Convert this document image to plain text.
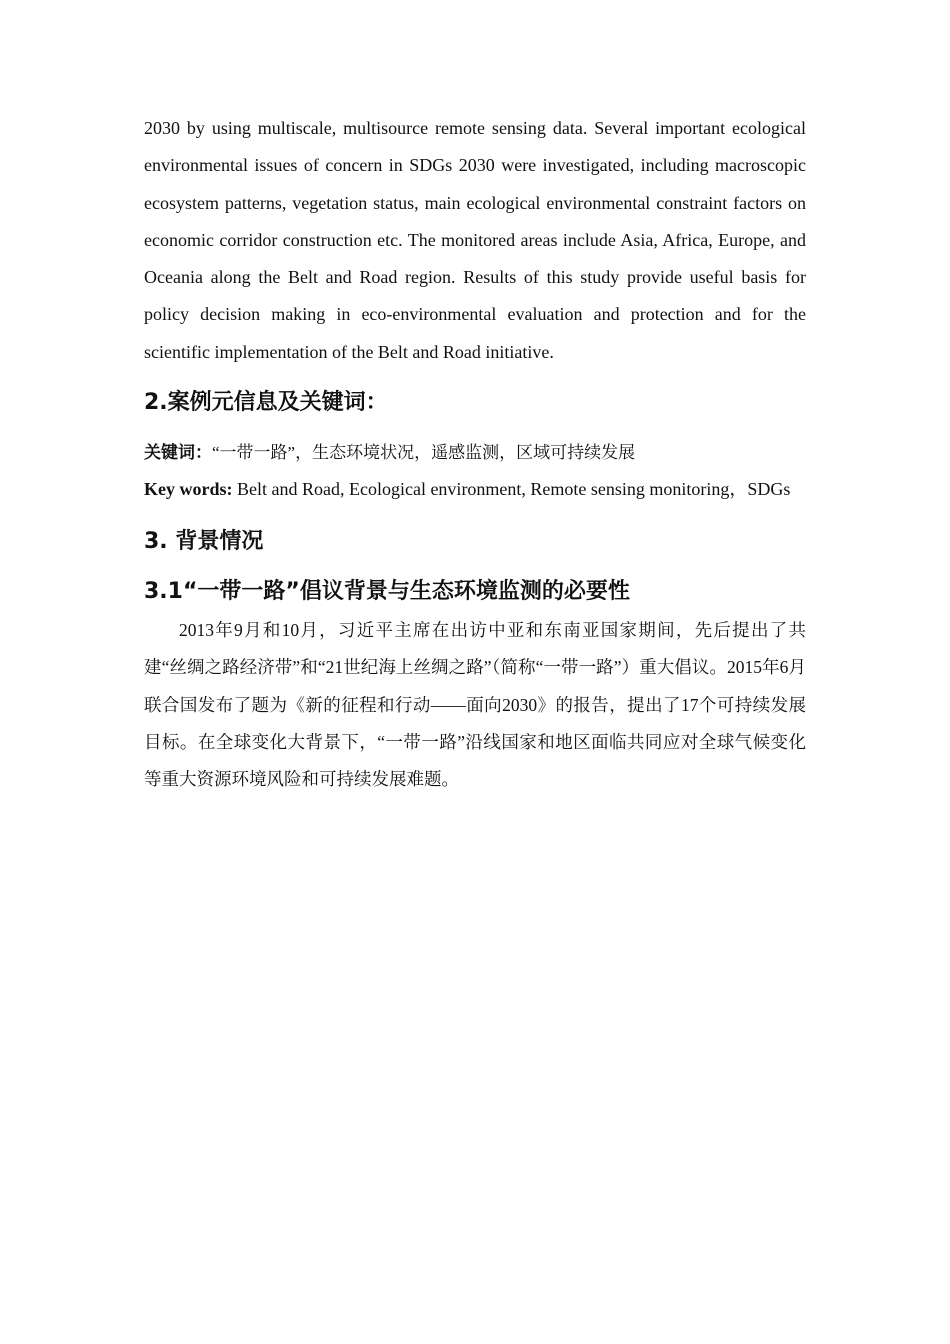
2030 by using multiscale, multisource remote sensing data. Several important ecological environmental issues of concern in SDGs 2030 were investigated, including macroscopic ecosystem patterns, vegetation status, main ecological environmental constraint factors on economic corridor construction etc. The monitored areas include Asia, Africa, Europe, and Oceania along the Belt and Road region. Results of this study provide useful basis for policy decision making in eco-environmental evaluation and protection and for the scientific implementation of the Belt and Road initiative.

2.案例元信息及关键词：

关键词：“一带一路”，生态环境状况，遥感监测，区域可持续发展

Key words: Belt and Road, Ecological environment, Remote sensing monitoring，SDGs

3. 背景情况
3.1“一带一路”倡议背景与生态环境监测的必要性

2013年9月和10月，习近平主席在出访中亚和东南亚国家期间，先后提出了共建“丝绸之路经济带”和“21世纪海上丝绸之路”（简称“一带一路”）重大倡议。2015年6月联合国发布了题为《新的征程和行动——面向2030》的报告，提出了17个可持续发展目标。在全球变化大背景下，“一带一路”沿线国家和地区面临共同应对全球气候变化等重大资源环境风险和可持续发展难题。
